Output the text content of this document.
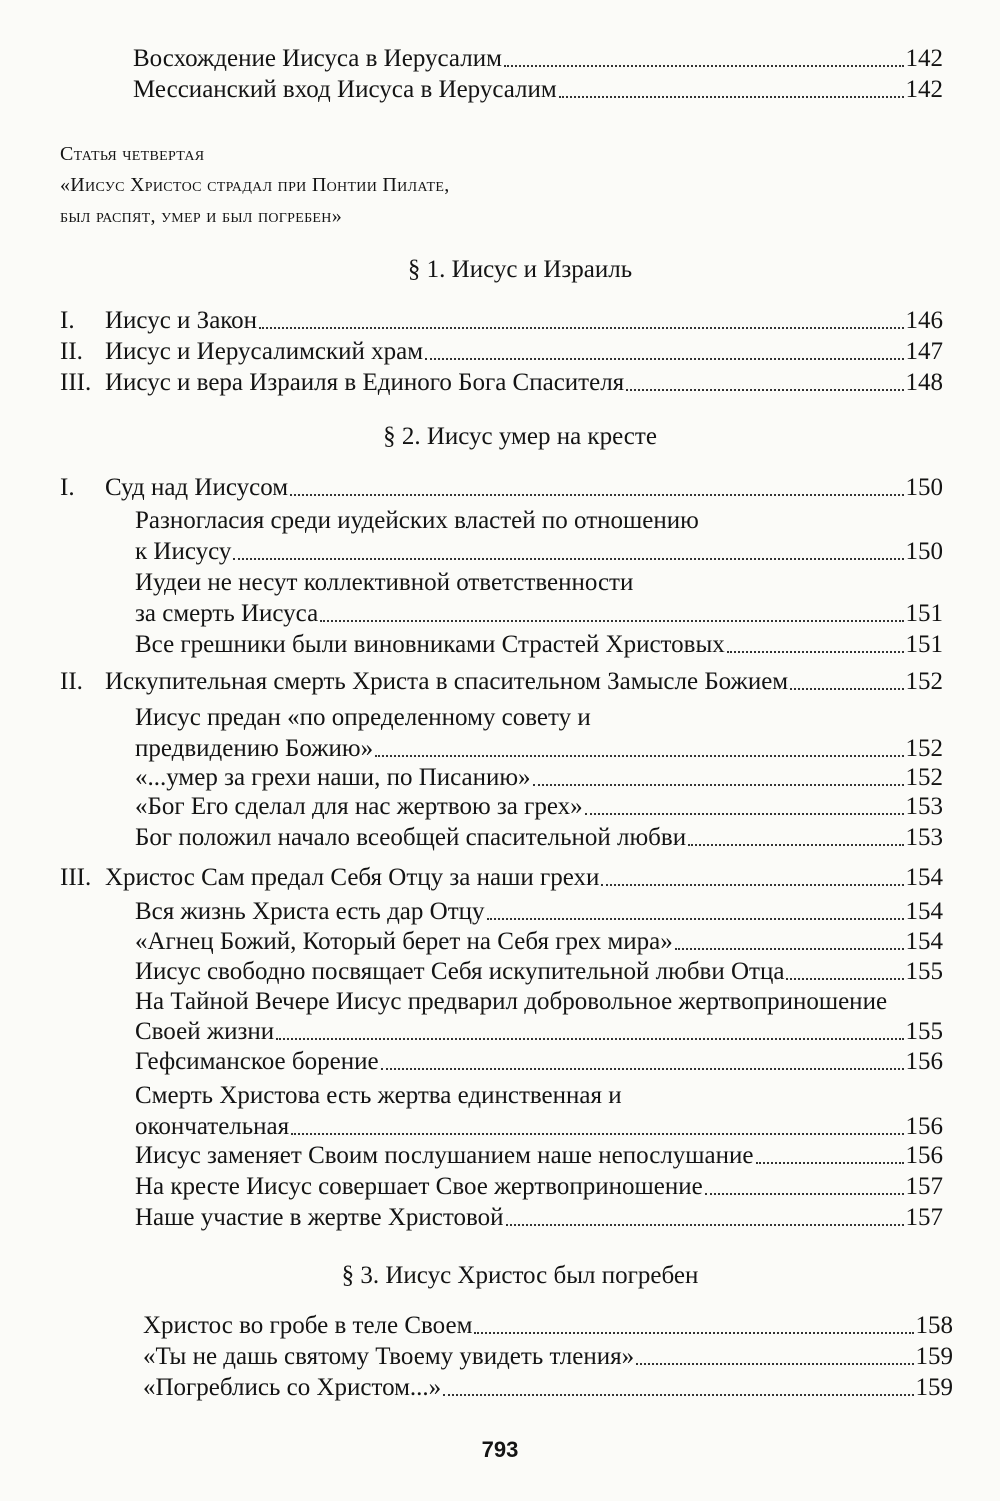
Восхождение Иисуса в Иерусалим	142
Мессианский вход Иисуса в Иерусалим	142
Статья четвертая
«Иисус Христос страдал при Понтии Пилате,
был распят, умер и был погребен»
§ 1. Иисус и Израиль
I. Иисус и Закон	146
II. Иисус и Иерусалимский храм	147
III. Иисус и вера Израиля в Единого Бога Спасителя	148
§ 2. Иисус умер на кресте
I. Суд над Иисусом	150
Разногласия среди иудейских властей по отношению
к Иисусу	150
Иудеи не несут коллективной ответственности
за смерть Иисуса	151
Все грешники были виновниками Страстей Христовых	151
II. Искупительная смерть Христа в спасительном Замысле Божием	152
Иисус предан «по определенному совету и
предвидению Божию»	152
«...умер за грехи наши, по Писанию»	152
«Бог Его сделал для нас жертвою за грех»	153
Бог положил начало всеобщей спасительной любви	153
III. Христос Сам предал Себя Отцу за наши грехи	154
Вся жизнь Христа есть дар Отцу	154
«Агнец Божий, Который берет на Себя грех мира»	154
Иисус свободно посвящает Себя искупительной любви Отца	155
На Тайной Вечере Иисус предварил добровольное жертвоприношение
Своей жизни	155
Гефсиманское борение	156
Смерть Христова есть жертва единственная и
окончательная	156
Иисус заменяет Своим послушанием наше непослушание	156
На кресте Иисус совершает Свое жертвоприношение	157
Наше участие в жертве Христовой	157
§ 3. Иисус Христос был погребен
Христос во гробе в теле Своем	158
«Ты не дашь святому Твоему увидеть тления»	159
«Погреблись со Христом...»	159
793
